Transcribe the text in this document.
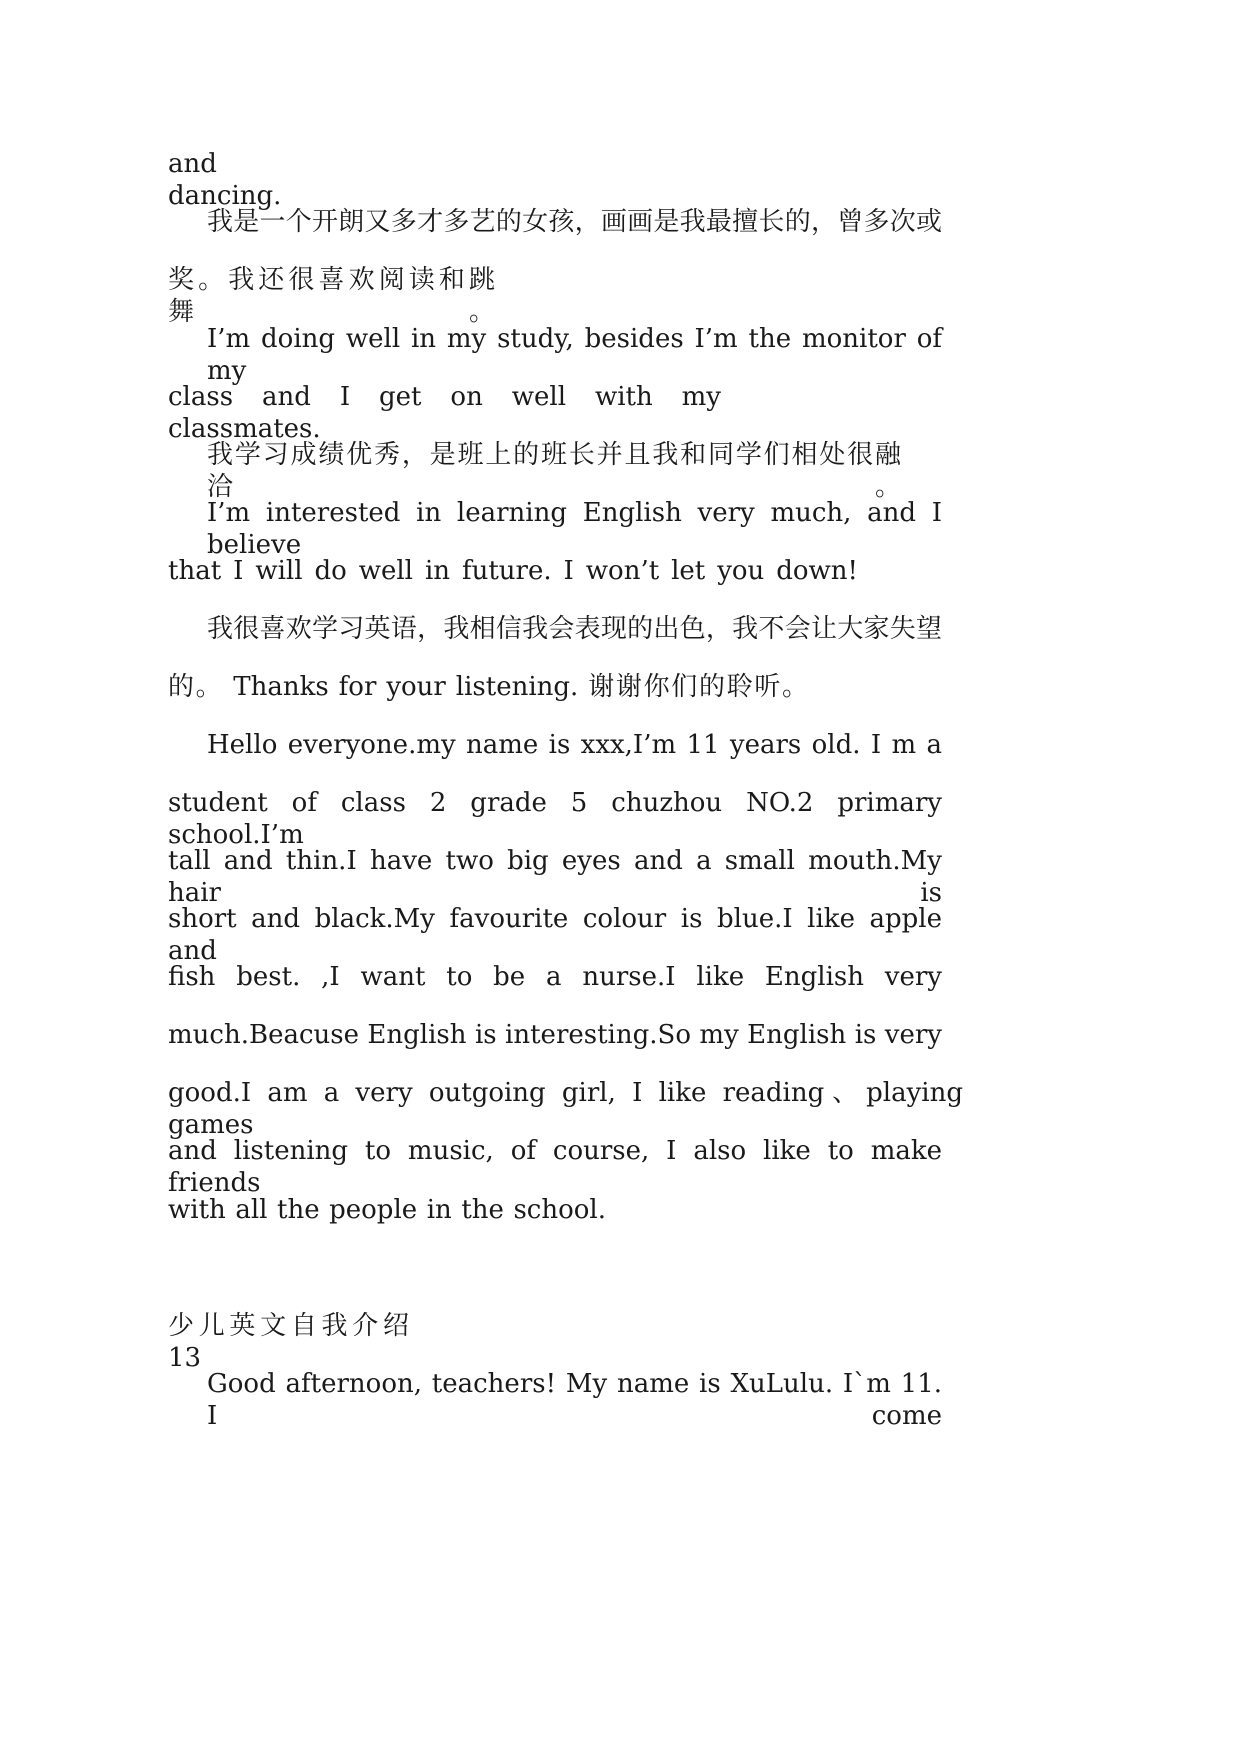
and dancing.
我是一个开朗又多才多艺的女孩，画画是我最擅长的，曾多次或
奖。我还很喜欢阅读和跳舞。
I’m doing well in my study, besides I’m the monitor of my
class and I get on well with my classmates.
我学习成绩优秀，是班上的班长并且我和同学们相处很融洽。
I’m interested in learning English very much, and I believe
that I will do well in future. I won’t let you down!
我很喜欢学习英语，我相信我会表现的出色，我不会让大家失望
的。 Thanks for your listening. 谢谢你们的聆听。
Hello everyone.my name is xxx,I’m 11 years old. I m a
student of class 2 grade 5 chuzhou NO.2 primary school.I’m
tall and thin.I have two big eyes and a small mouth.My hair is
short and black.My favourite colour is blue.I like apple and
fish best. ,I want to be a nurse.I like English very
much.Beacuse English is interesting.So my English is very
good.I am a very outgoing girl, I like reading、playing games
and listening to music, of course, I also like to make friends
with all the people in the school.
少儿英文自我介绍13
Good afternoon, teachers! My name is XuLulu. I`m 11. I come
